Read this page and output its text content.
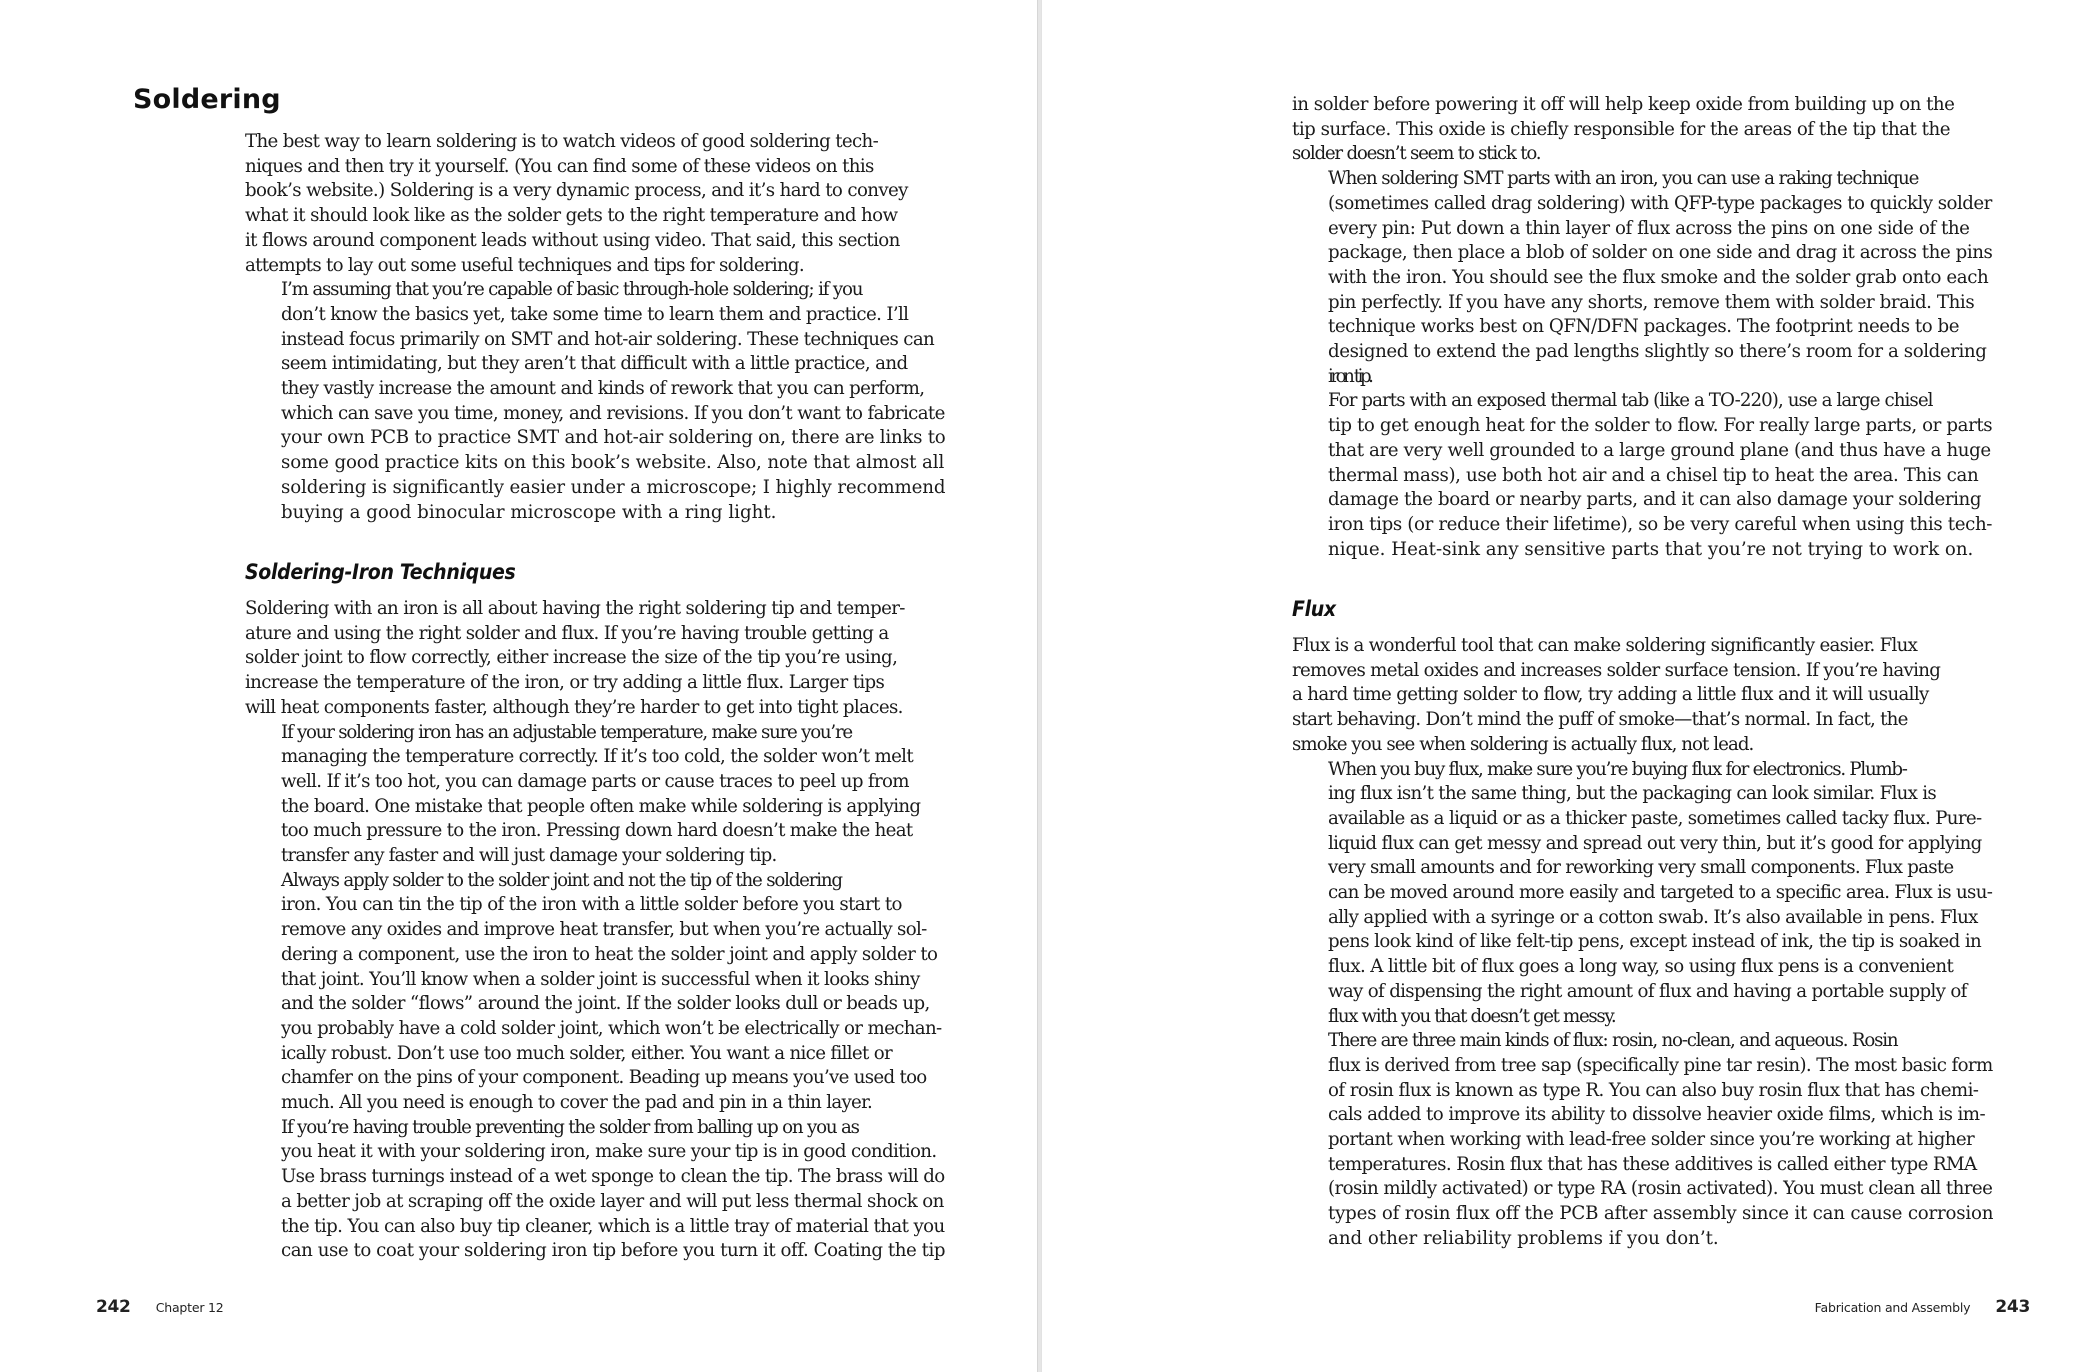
Soldering

The best way to learn soldering is to watch videos of good soldering tech-
niques and then try it yourself. (You can find some of these videos on this
book’s website.) Soldering is a very dynamic process, and it’s hard to convey
what it should look like as the solder gets to the right temperature and how
it flows around component leads without using video. That said, this section
attempts to lay out some useful techniques and tips for soldering.

I’m assuming that you’re capable of basic through-hole soldering; if you
don’t know the basics yet, take some time to learn them and practice. I’ll
instead focus primarily on SMT and hot-air soldering. These techniques can
seem intimidating, but they aren’t that difficult with a little practice, and
they vastly increase the amount and kinds of rework that you can perform,
which can save you time, money, and revisions. If you don’t want to fabricate
your own PCB to practice SMT and hot-air soldering on, there are links to
some good practice kits on this book’s website. Also, note that almost all
soldering is significantly easier under a microscope; I highly recommend
buying a good binocular microscope with a ring light.

Soldering-Iron Techniques

Soldering with an iron is all about having the right soldering tip and temper-
ature and using the right solder and flux. If you’re having trouble getting a
solder joint to flow correctly, either increase the size of the tip you’re using,
increase the temperature of the iron, or try adding a little flux. Larger tips
will heat components faster, although they’re harder to get into tight places.

If your soldering iron has an adjustable temperature, make sure you’re
managing the temperature correctly. If it’s too cold, the solder won’t melt
well. If it’s too hot, you can damage parts or cause traces to peel up from
the board. One mistake that people often make while soldering is applying
too much pressure to the iron. Pressing down hard doesn’t make the heat
transfer any faster and will just damage your soldering tip.

Always apply solder to the solder joint and not the tip of the soldering
iron. You can tin the tip of the iron with a little solder before you start to
remove any oxides and improve heat transfer, but when you’re actually sol-
dering a component, use the iron to heat the solder joint and apply solder to
that joint. You’ll know when a solder joint is successful when it looks shiny
and the solder “flows” around the joint. If the solder looks dull or beads up,
you probably have a cold solder joint, which won’t be electrically or mechan-
ically robust. Don’t use too much solder, either. You want a nice fillet or
chamfer on the pins of your component. Beading up means you’ve used too
much. All you need is enough to cover the pad and pin in a thin layer.

If you’re having trouble preventing the solder from balling up on you as
you heat it with your soldering iron, make sure your tip is in good condition.
Use brass turnings instead of a wet sponge to clean the tip. The brass will do
a better job at scraping off the oxide layer and will put less thermal shock on
the tip. You can also buy tip cleaner, which is a little tray of material that you
can use to coat your soldering iron tip before you turn it off. Coating the tip

242 Chapter 12

in solder before powering it off will help keep oxide from building up on the
tip surface. This oxide is chiefly responsible for the areas of the tip that the
solder doesn’t seem to stick to.

When soldering SMT parts with an iron, you can use a raking technique
(sometimes called drag soldering) with QFP-type packages to quickly solder
every pin: Put down a thin layer of flux across the pins on one side of the
package, then place a blob of solder on one side and drag it across the pins
with the iron. You should see the flux smoke and the solder grab onto each
pin perfectly. If you have any shorts, remove them with solder braid. This
technique works best on QFN/DFN packages. The footprint needs to be
designed to extend the pad lengths slightly so there’s room for a soldering
iron tip.

For parts with an exposed thermal tab (like a TO-220), use a large chisel
tip to get enough heat for the solder to flow. For really large parts, or parts
that are very well grounded to a large ground plane (and thus have a huge
thermal mass), use both hot air and a chisel tip to heat the area. This can
damage the board or nearby parts, and it can also damage your soldering
iron tips (or reduce their lifetime), so be very careful when using this tech-
nique. Heat-sink any sensitive parts that you’re not trying to work on.

Flux

Flux is a wonderful tool that can make soldering significantly easier. Flux
removes metal oxides and increases solder surface tension. If you’re having
a hard time getting solder to flow, try adding a little flux and it will usually
start behaving. Don’t mind the puff of smoke—that’s normal. In fact, the
smoke you see when soldering is actually flux, not lead.

When you buy flux, make sure you’re buying flux for electronics. Plumb-
ing flux isn’t the same thing, but the packaging can look similar. Flux is
available as a liquid or as a thicker paste, sometimes called tacky flux. Pure-
liquid flux can get messy and spread out very thin, but it’s good for applying
very small amounts and for reworking very small components. Flux paste
can be moved around more easily and targeted to a specific area. Flux is usu-
ally applied with a syringe or a cotton swab. It’s also available in pens. Flux
pens look kind of like felt-tip pens, except instead of ink, the tip is soaked in
flux. A little bit of flux goes a long way, so using flux pens is a convenient
way of dispensing the right amount of flux and having a portable supply of
flux with you that doesn’t get messy.

There are three main kinds of flux: rosin, no-clean, and aqueous. Rosin
flux is derived from tree sap (specifically pine tar resin). The most basic form
of rosin flux is known as type R. You can also buy rosin flux that has chemi-
cals added to improve its ability to dissolve heavier oxide films, which is im-
portant when working with lead-free solder since you’re working at higher
temperatures. Rosin flux that has these additives is called either type RMA
(rosin mildly activated) or type RA (rosin activated). You must clean all three
types of rosin flux off the PCB after assembly since it can cause corrosion
and other reliability problems if you don’t.

Fabrication and Assembly 243
